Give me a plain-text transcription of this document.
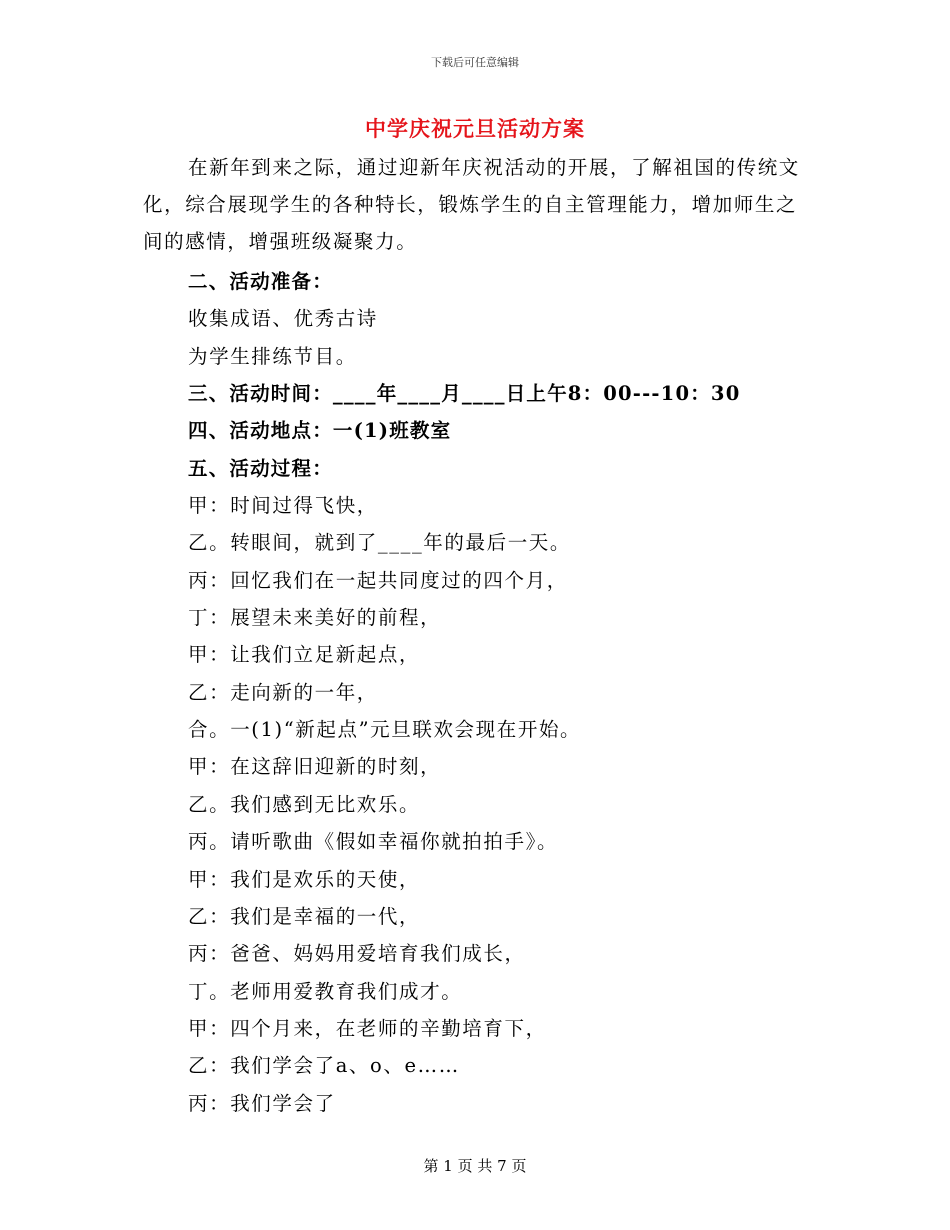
下载后可任意编辑
中学庆祝元旦活动方案

在新年到来之际，通过迎新年庆祝活动的开展，了解祖国的传统文化，综合展现学生的各种特长，锻炼学生的自主管理能力，增加师生之间的感情，增强班级凝聚力。

二、活动准备：
收集成语、优秀古诗
为学生排练节目。
三、活动时间：____年____月____日上午8：00---10：30
四、活动地点：一(1)班教室
五、活动过程：
甲：时间过得飞快，
乙。转眼间，就到了____年的最后一天。
丙：回忆我们在一起共同度过的四个月，
丁：展望未来美好的前程，
甲：让我们立足新起点，
乙：走向新的一年，
合。一(1)“新起点”元旦联欢会现在开始。
甲：在这辞旧迎新的时刻，
乙。我们感到无比欢乐。
丙。请听歌曲《假如幸福你就拍拍手》。
甲：我们是欢乐的天使，
乙：我们是幸福的一代，
丙：爸爸、妈妈用爱培育我们成长，
丁。老师用爱教育我们成才。
甲：四个月来，在老师的辛勤培育下，
乙：我们学会了a、o、e……
丙：我们学会了
第 1 页 共 7 页
